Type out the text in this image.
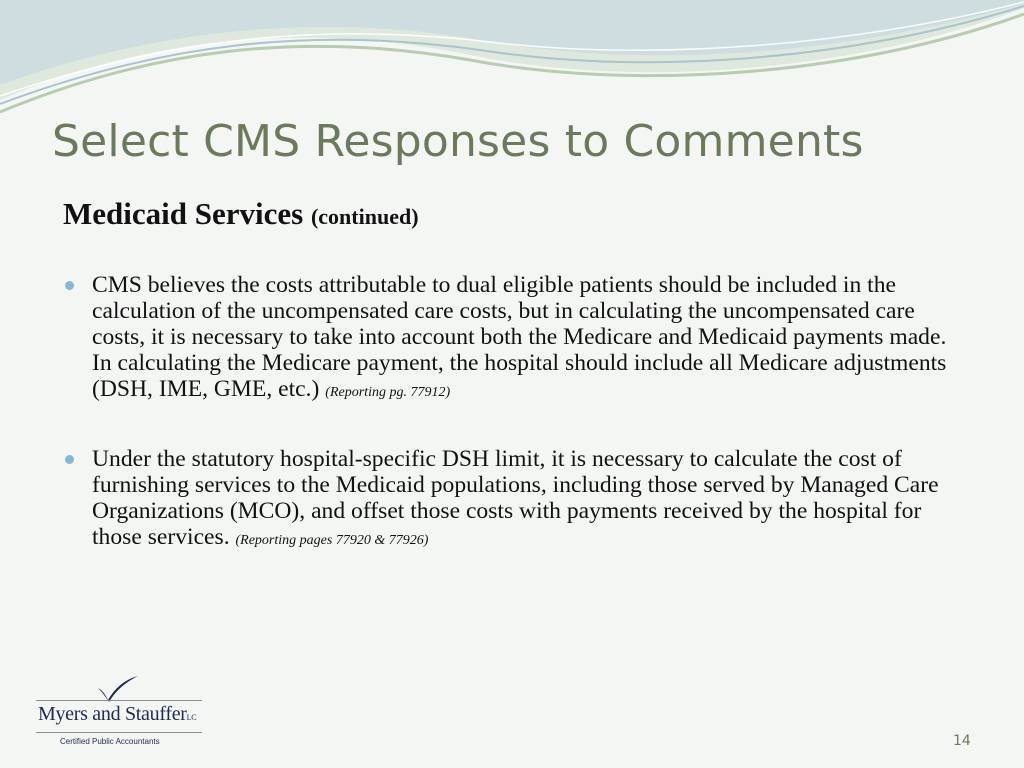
Select CMS Responses to Comments
Medicaid Services (continued)
CMS believes the costs attributable to dual eligible patients should be included in the calculation of the uncompensated care costs, but in calculating the uncompensated care costs, it is necessary to take into account both the Medicare and Medicaid payments made. In calculating the Medicare payment, the hospital should include all Medicare adjustments (DSH, IME, GME, etc.) (Reporting pg. 77912)
Under the statutory hospital-specific DSH limit, it is necessary to calculate the cost of furnishing services to the Medicaid populations, including those served by Managed Care Organizations (MCO), and offset those costs with payments received by the hospital for those services. (Reporting pages 77920 & 77926)
Myers and StaufferLC
Certified Public Accountants	14
